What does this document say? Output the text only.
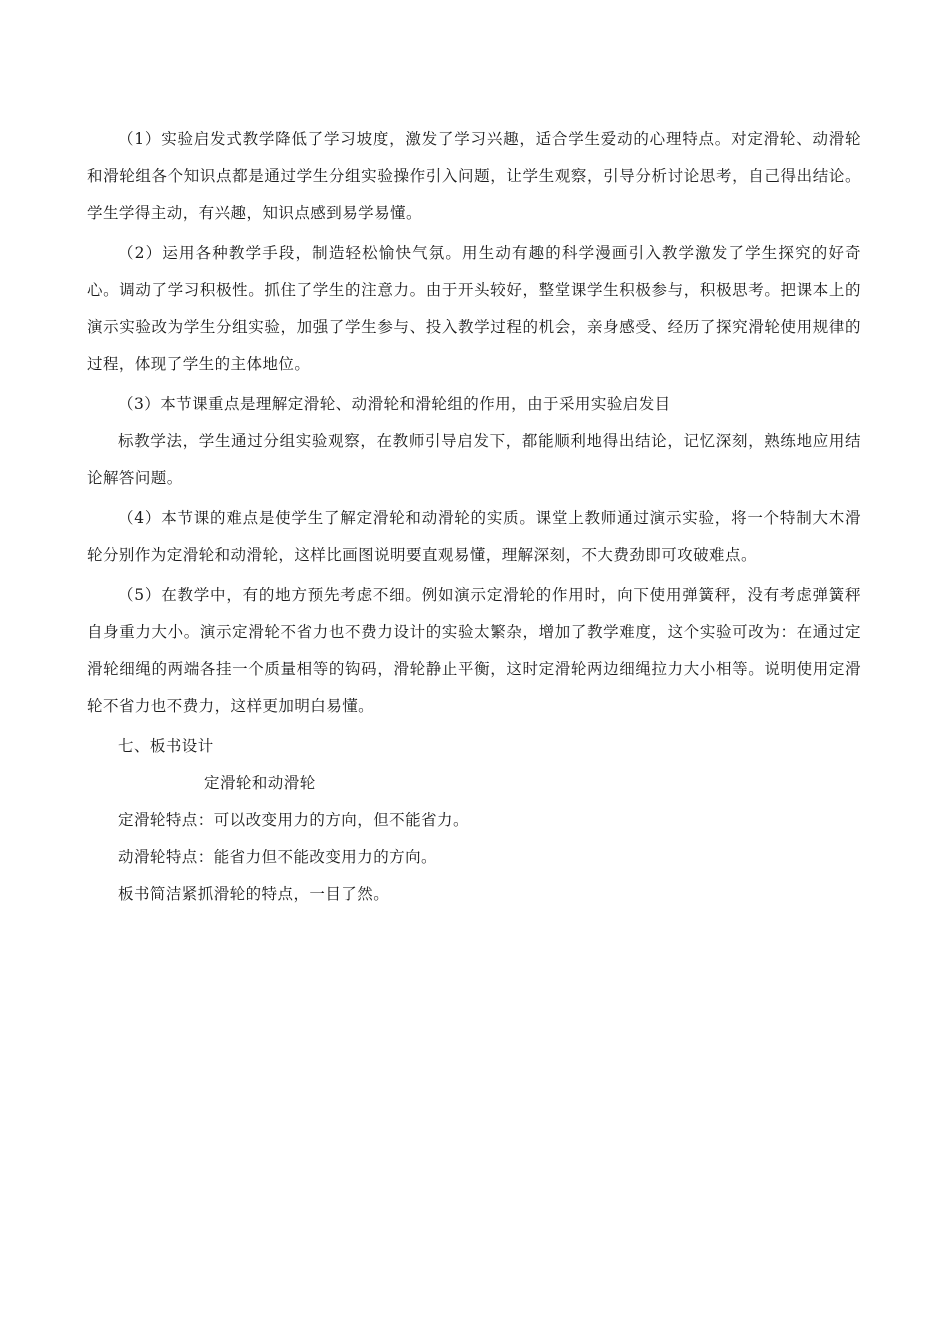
（1）实验启发式教学降低了学习坡度，激发了学习兴趣，适合学生爱动的心理特点。对定滑轮、动滑轮和滑轮组各个知识点都是通过学生分组实验操作引入问题，让学生观察，引导分析讨论思考，自己得出结论。学生学得主动，有兴趣，知识点感到易学易懂。

（2）运用各种教学手段，制造轻松愉快气氛。用生动有趣的科学漫画引入教学激发了学生探究的好奇心。调动了学习积极性。抓住了学生的注意力。由于开头较好，整堂课学生积极参与，积极思考。把课本上的演示实验改为学生分组实验，加强了学生参与、投入教学过程的机会，亲身感受、经历了探究滑轮使用规律的过程，体现了学生的主体地位。

（3）本节课重点是理解定滑轮、动滑轮和滑轮组的作用，由于采用实验启发目

标教学法，学生通过分组实验观察，在教师引导启发下，都能顺利地得出结论，记忆深刻，熟练地应用结论解答问题。

（4）本节课的难点是使学生了解定滑轮和动滑轮的实质。课堂上教师通过演示实验，将一个特制大木滑轮分别作为定滑轮和动滑轮，这样比画图说明要直观易懂，理解深刻，不大费劲即可攻破难点。

（5）在教学中，有的地方预先考虑不细。例如演示定滑轮的作用时，向下使用弹簧秤，没有考虑弹簧秤自身重力大小。演示定滑轮不省力也不费力设计的实验太繁杂，增加了教学难度，这个实验可改为：在通过定滑轮细绳的两端各挂一个质量相等的钩码，滑轮静止平衡，这时定滑轮两边细绳拉力大小相等。说明使用定滑轮不省力也不费力，这样更加明白易懂。

七、板书设计

定滑轮和动滑轮

定滑轮特点：可以改变用力的方向，但不能省力。

动滑轮特点：能省力但不能改变用力的方向。

板书简洁紧抓滑轮的特点，一目了然。
